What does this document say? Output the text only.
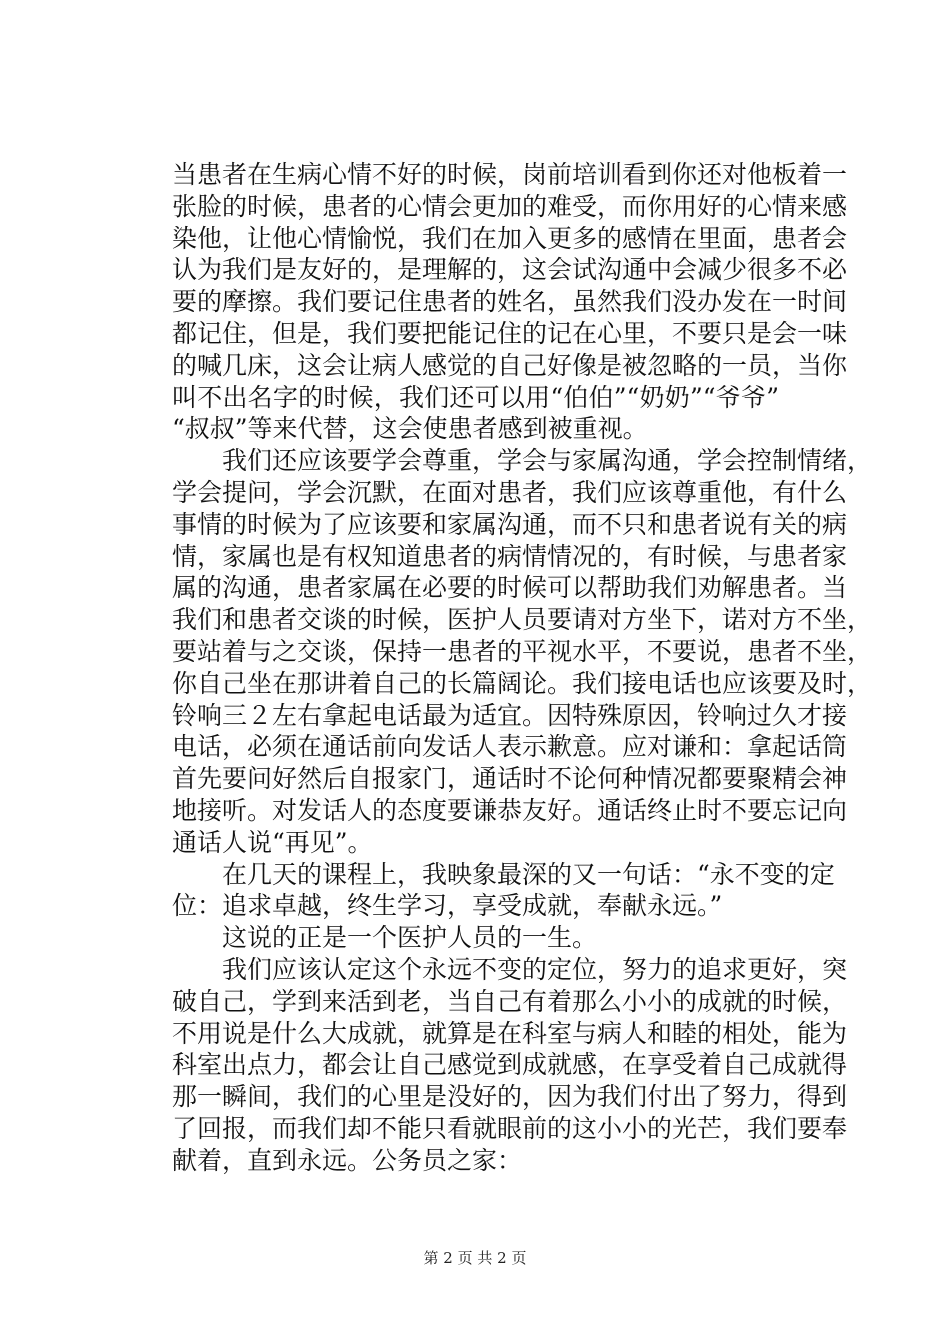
当患者在生病心情不好的时候，岗前培训看到你还对他板着一
张脸的时候，患者的心情会更加的难受，而你用好的心情来感
染他，让他心情愉悦，我们在加入更多的感情在里面，患者会
认为我们是友好的，是理解的，这会试沟通中会减少很多不必
要的摩擦。我们要记住患者的姓名，虽然我们没办发在一时间
都记住，但是，我们要把能记住的记在心里，不要只是会一味
的喊几床，这会让病人感觉的自己好像是被忽略的一员，当你
叫不出名字的时候，我们还可以用“伯伯”“奶奶”“爷爷”
“叔叔”等来代替，这会使患者感到被重视。
　　我们还应该要学会尊重，学会与家属沟通，学会控制情绪，
学会提问，学会沉默，在面对患者，我们应该尊重他，有什么
事情的时候为了应该要和家属沟通，而不只和患者说有关的病
情，家属也是有权知道患者的病情情况的，有时候，与患者家
属的沟通，患者家属在必要的时候可以帮助我们劝解患者。当
我们和患者交谈的时候，医护人员要请对方坐下，诺对方不坐，
要站着与之交谈，保持一患者的平视水平，不要说，患者不坐，
你自己坐在那讲着自己的长篇阔论。我们接电话也应该要及时，
铃响三２左右拿起电话最为适宜。因特殊原因，铃响过久才接
电话，必须在通话前向发话人表示歉意。应对谦和：拿起话筒
首先要问好然后自报家门，通话时不论何种情况都要聚精会神
地接听。对发话人的态度要谦恭友好。通话终止时不要忘记向
通话人说“再见”。
　　在几天的课程上，我映象最深的又一句话：“永不变的定
位：追求卓越，终生学习，享受成就，奉献永远。”
　　这说的正是一个医护人员的一生。
　　我们应该认定这个永远不变的定位，努力的追求更好，突
破自己，学到来活到老，当自己有着那么小小的成就的时候，
不用说是什么大成就，就算是在科室与病人和睦的相处，能为
科室出点力，都会让自己感觉到成就感，在享受着自己成就得
那一瞬间，我们的心里是没好的，因为我们付出了努力，得到
了回报，而我们却不能只看就眼前的这小小的光芒，我们要奉
献着，直到永远。公务员之家：
第 2 页 共 2 页
